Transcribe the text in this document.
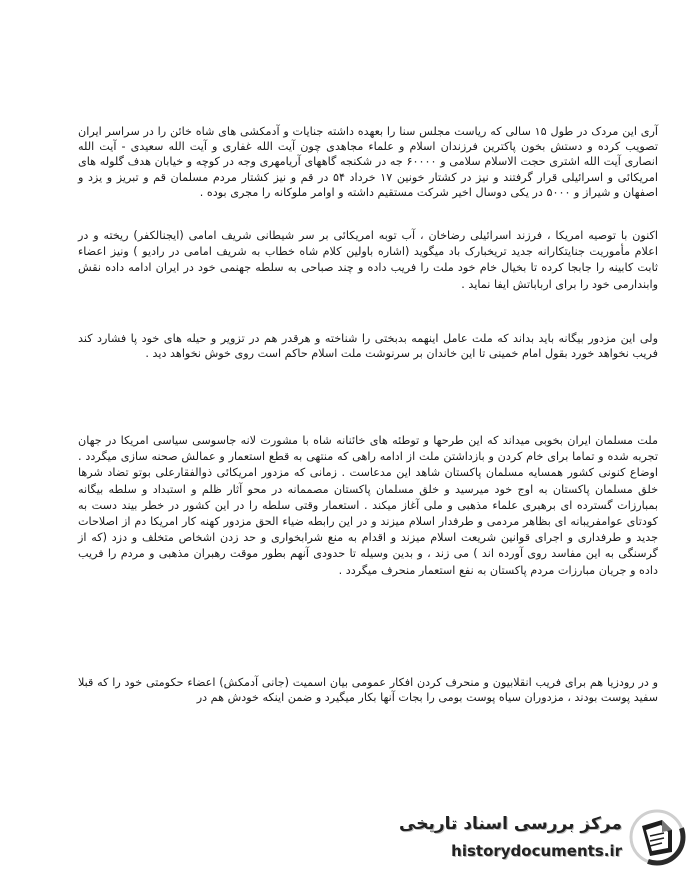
آری این مردک در طول ۱۵ سالی که ریاست مجلس سنا را بعهده داشته جنایات و آدمکشی های شاه خائن را در سراسر ایران تصویب کرده و دستش بخون پاکترین فرزندان اسلام و علماء مجاهدی چون آیت الله غفاری و آیت الله سعیدی - آیت الله انصاری آیت الله اشتری حجت الاسلام سلامی و ۶۰۰۰۰ جه در شکنجه گاههای آریامهری وجه در کوچه و خیابان هدف گلوله های امریکائی و اسرائیلی قرار گرفتند و نیز در کشتار خونین ۱۷ خرداد ۵۴ در قم و نیز کشتار مردم مسلمان قم و تبریز و یزد و اصفهان و شیراز و ۵۰۰۰ در یکی دوسال اخیر شرکت مستقیم داشته و اوامر ملوکانه را مجری بوده .

اکنون با توصیه امریکا ، فرزند اسرائیلی رضاخان ، آب توبه امریکائی بر سر شیطانی شریف امامی (ایجنالکفر) ریخته و در اعلام مأموریت جنایتکارانه جدید تریخبارک باد میگوید (اشاره باولین کلام شاه خطاب به شریف امامی در رادیو ) ونیز اعضاء ثابت کابینه را جابجا کرده تا بخیال خام خود ملت را فریب داده و چند صباحی به سلطه جهنمی خود در ایران ادامه داده نقش وابندارمی خود را برای ارباباتش ایفا نماید .

ولی این مزدور بیگانه باید بداند که ملت عامل اینهمه بدبختی را شناخته و هرقدر هم در تزویر و حیله های خود پا فشارد کند فریب نخواهد خورد بقول امام خمینی تا این خاندان بر سرنوشت ملت اسلام حاکم است روی خوش نخواهد دید .

ملت مسلمان ایران بخوبی میداند که این طرحها و توطئه های خائنانه شاه با مشورت لانه جاسوسی سیاسی امریکا در جهان تجربه شده و تماما برای خام کردن و بازداشتن ملت از ادامه راهی که منتهی به قطع استعمار و عمالش صحنه سازی میگردد . اوضاع کنونی کشور همسایه مسلمان پاکستان شاهد این مدعاست . زمانی که مزدور امریکائی ذوالفقارعلی بوتو تضاد شرها خلق مسلمان پاکستان به اوج خود میرسید و خلق مسلمان پاکستان مصممانه در محو آثار ظلم و استبداد و سلطه بیگانه بمبارزات گسترده ای برهبری علماء مذهبی و ملی آغاز میکند . استعمار وقتی سلطه را در این کشور در خطر بیند دست به کودتای عوامفریبانه ای بظاهر مردمی و طرفدار اسلام میزند و در این رابطه ضیاء الحق مزدور کهنه کار امریکا دم از اصلاحات جدید و طرفداری و اجرای قوانین شریعت اسلام میزند و اقدام به منع شرابخواری و حد زدن اشخاص متخلف و دزد (که از گرسنگی به این مفاسد روی آورده اند ) می زند ، و بدین وسیله تا حدودی آنهم بطور موقت رهبران مذهبی و مردم را فریب داده و جریان مبارزات مردم پاکستان به نفع استعمار منحرف میگردد .

و در رودزیا هم برای فریب انقلابیون و منحرف کردن افکار عمومی بیان اسمیت (جانی آدمکش) اعضاء حکومتی خود را که قبلا سفید پوست بودند ، مزدوران سیاه پوست بومی را بجات آنها بکار میگیرد و ضمن اینکه خودش هم در

مرکز بررسی اسناد تاریخی
historydocuments.ir
